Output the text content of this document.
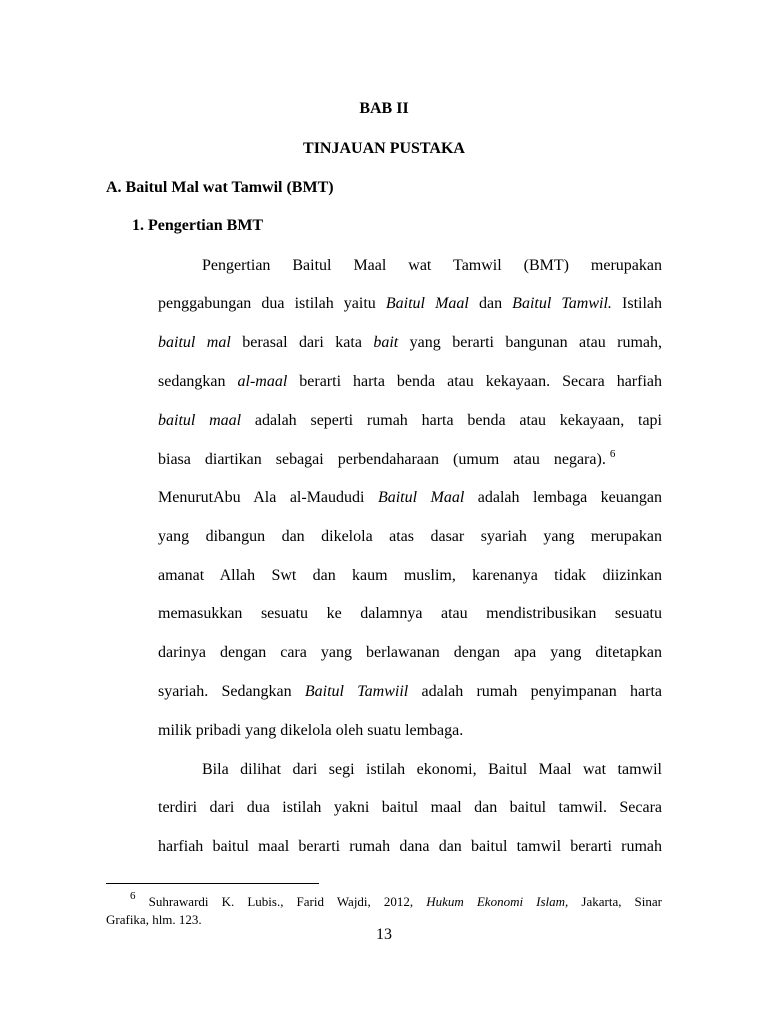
BAB II
TINJAUAN PUSTAKA
A. Baitul Mal wat Tamwil (BMT)
1. Pengertian BMT
Pengertian Baitul Maal wat Tamwil (BMT) merupakan
penggabungan dua istilah yaitu Baitul Maal dan Baitul Tamwil. Istilah
baitul mal berasal dari kata bait yang berarti bangunan atau rumah,
sedangkan al-maal berarti harta benda atau kekayaan. Secara harfiah
baitul maal adalah seperti rumah harta benda atau kekayaan, tapi
biasa diartikan sebagai perbendaharaan (umum atau negara). $^6$
MenurutAbu Ala al-Maududi Baitul Maal adalah lembaga keuangan
yang dibangun dan dikelola atas dasar syariah yang merupakan
amanat Allah Swt dan kaum muslim, karenanya tidak diizinkan
memasukkan sesuatu ke dalamnya atau mendistribusikan sesuatu
darinya dengan cara yang berlawanan dengan apa yang ditetapkan
syariah. Sedangkan Baitul Tamwiil adalah rumah penyimpanan harta
milik pribadi yang dikelola oleh suatu lembaga.
Bila dilihat dari segi istilah ekonomi, Baitul Maal wat tamwil
terdiri dari dua istilah yakni baitul maal dan baitul tamwil. Secara
harfiah baitul maal berarti rumah dana dan baitul tamwil berarti rumah
$^6$ Suhrawardi K. Lubis., Farid Wajdi, 2012, Hukum Ekonomi Islam, Jakarta, Sinar
Grafika, hlm. 123.
13
